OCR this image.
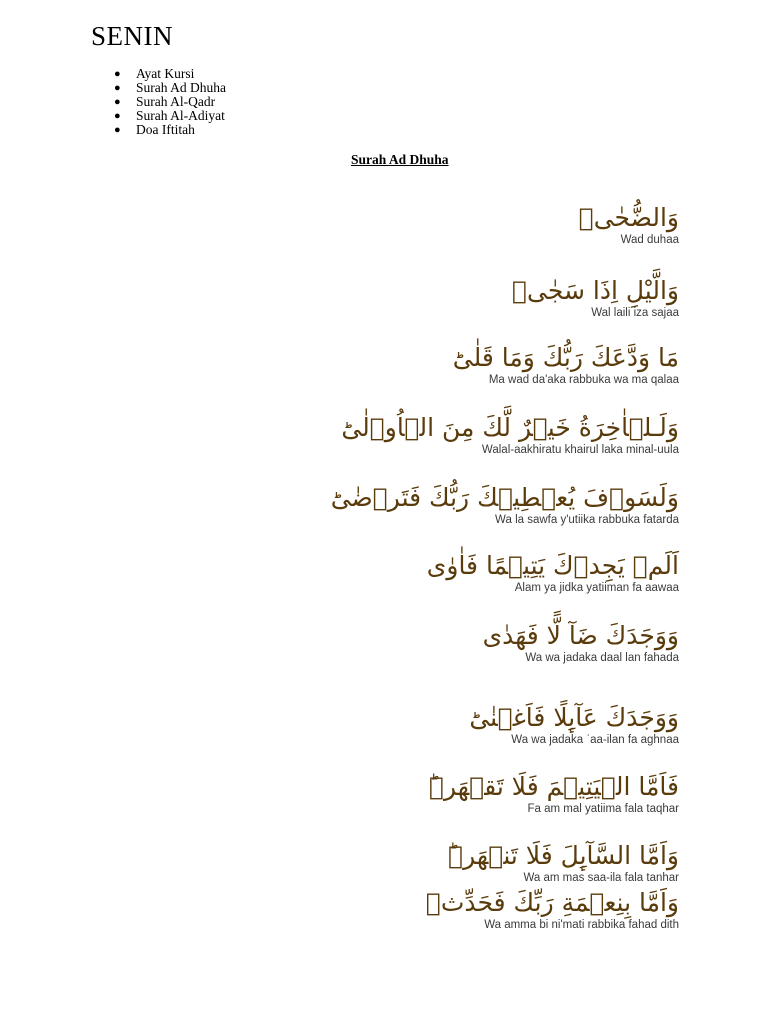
SENIN
● Ayat Kursi
● Surah Ad Dhuha
● Surah Al-Qadr
● Surah Al-Adiyat
● Doa Iftitah
Surah Ad Dhuha
وَالضُّحٰىۙ
Wad duhaa
وَالَّيْلِ اِذَا سَجٰىۙ
Wal laili iza sajaa
مَا وَدَّعَكَ رَبُّكَ وَمَا قَلٰىؕ
Ma wad da'aka rabbuka wa ma qalaa
وَلَـلۡاٰخِرَةُ خَيۡرٌ لَّكَ مِنَ الۡاُوۡلٰىؕ
Walal-aakhiratu khairul laka minal-uula
وَلَسَوۡفَ يُعۡطِيۡكَ رَبُّكَ فَتَرۡضٰىؕ
Wa la sawfa y'utiika rabbuka fatarda
اَلَمۡ يَجِدۡكَ يَتِيۡمًا فَاٰوٰى
Alam ya jidka yatiiman fa aawaa
وَوَجَدَكَ ضَآ لًّا فَهَدٰى
Wa wa jadaka daal lan fahada
وَوَجَدَكَ عَآٮِٕلًا فَاَغۡنٰىؕ
Wa wa jadaka ʿaa-ilan fa aghnaa
فَاَمَّا الۡيَتِيۡمَ فَلَا تَقۡهَرۡؕ
Fa am mal yatiima fala taqhar
وَاَمَّا السَّآٮِٕلَ فَلَا تَنۡهَرۡؕ
Wa am mas saa-ila fala tanhar
وَاَمَّا بِنِعۡمَةِ رَبِّكَ فَحَدِّثۡ
Wa amma bi ni'mati rabbika fahad dith
